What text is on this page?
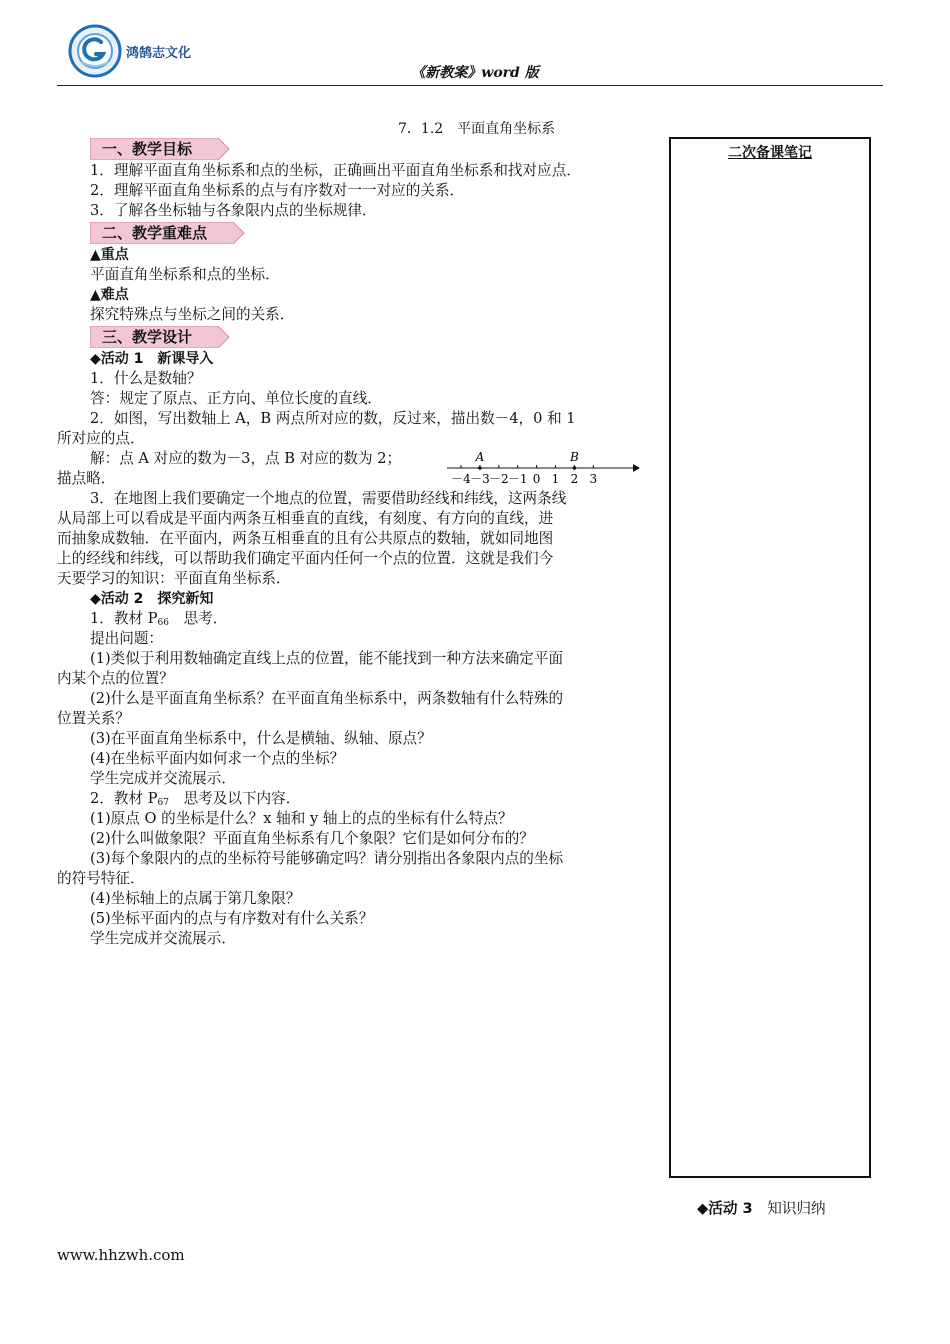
鸿鹄志文化
《新教案》word 版
7．1.2　平面直角坐标系
一、教学目标
1．理解平面直角坐标系和点的坐标，正确画出平面直角坐标系和找对应点．
2．理解平面直角坐标系的点与有序数对一一对应的关系．
3．了解各坐标轴与各象限内点的坐标规律．
二、教学重难点
▲重点
平面直角坐标系和点的坐标．
▲难点
探究特殊点与坐标之间的关系．
三、教学设计
◆活动 1　新课导入
1．什么是数轴？
答：规定了原点、正方向、单位长度的直线．
2．如图，写出数轴上 A，B 两点所对应的数，反过来，描出数－4，0 和 1
所对应的点．
解：点 A 对应的数为－3，点 B 对应的数为 2；
描点略．	－4 －3 －2 －1 0 1 2 3
A	B
3．在地图上我们要确定一个地点的位置，需要借助经线和纬线，这两条线
从局部上可以看成是平面内两条互相垂直的直线，有刻度、有方向的直线，进
而抽象成数轴．在平面内，两条互相垂直的且有公共原点的数轴，就如同地图
上的经线和纬线，可以帮助我们确定平面内任何一个点的位置．这就是我们今
天要学习的知识：平面直角坐标系．
◆活动 2　探究新知
1．教材 $P_{66}$　思考．
提出问题：
(1)类似于利用数轴确定直线上点的位置，能不能找到一种方法来确定平面
内某个点的位置？
(2)什么是平面直角坐标系？在平面直角坐标系中，两条数轴有什么特殊的
位置关系？
(3)在平面直角坐标系中，什么是横轴、纵轴、原点？
(4)在坐标平面内如何求一个点的坐标？
学生完成并交流展示．
2．教材 $P_{67}$　思考及以下内容．
(1)原点 O 的坐标是什么？x 轴和 y 轴上的点的坐标有什么特点？
(2)什么叫做象限？平面直角坐标系有几个象限？它们是如何分布的？
(3)每个象限内的点的坐标符号能够确定吗？请分别指出各象限内点的坐标
的符号特征．
(4)坐标轴上的点属于第几象限？
(5)坐标平面内的点与有序数对有什么关系？
学生完成并交流展示．
二次备课笔记
◆活动 3　 知识归纳
www.hhzwh.com
